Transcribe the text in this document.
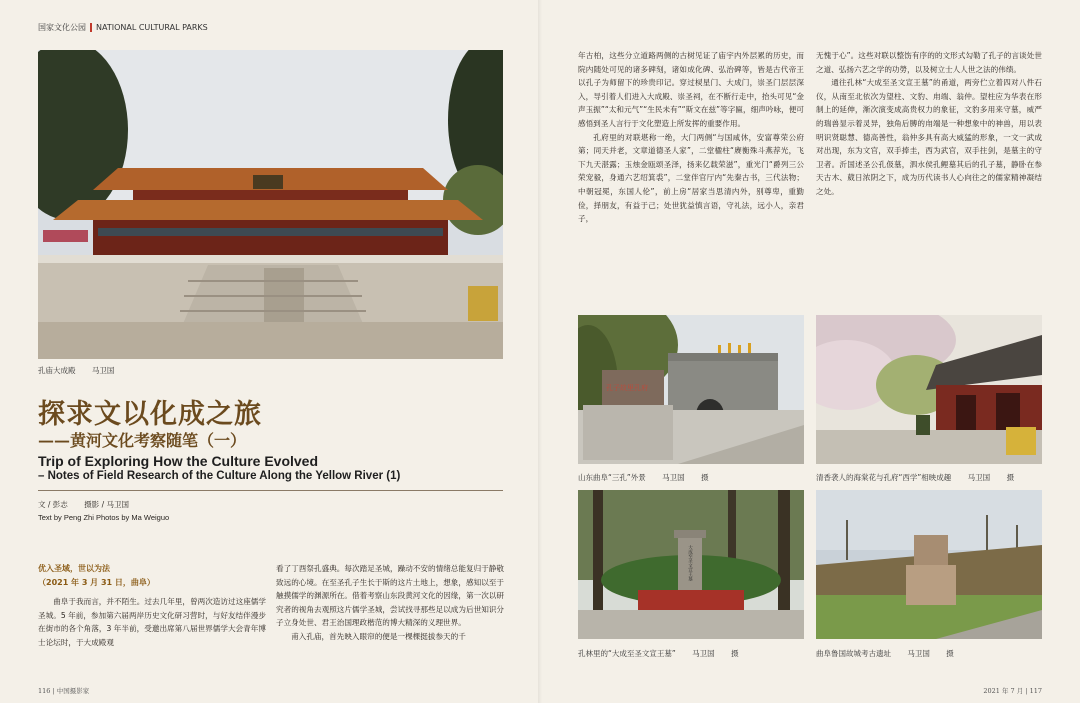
国家文化公园 NATIONAL CULTURAL PARKS
孔庙大成殿 马卫国
探求文以化成之旅
——黄河文化考察随笔（一）
Trip of Exploring How the Culture Evolved
– Notes of Field Research of the Culture Along the Yellow River (1)
文 / 彭志 摄影 / 马卫国
Text by Peng Zhi Photos by Ma Weiguo
优入圣域，世以为法
（2021 年 3 月 31 日，曲阜）

曲阜于我而言，并不陌生。过去几年里，曾两次造访过这座儒学圣城。5 年前，参加第六届两岸历史文化研习营时，与好友结伴漫步在街市的各个角落，3 年半前，受邀出席第八届世界儒学大会青年博士论坛时，于大成殿观

看了丁酉祭孔盛典。每次踏足圣城，躁动不安的情绪总能复归于静敬致远的心境。在至圣孔子生长于斯的这片土地上，想象，感知以至于触摸儒学的渊源所在。借着考察山东段黄河文化的因缘，第一次以研究者的视角去观照这片儒学圣城，尝试找寻那些足以成为后世知识分子立身处世、君王治国理政楷范的博大精深的义理世界。

甫入孔庙，首先映入眼帘的便是一棵棵挺拔参天的千

年古柏，这些分立道路两侧的古树见证了庙宇内外层累的历史，而院内随处可见的诸多碑刻，诸如成化碑、弘治碑等，皆是古代帝王以孔子为师留下的珍贵印记。穿过棂星门、大成门，崇圣门层层深入，导引着人们进入大成殿、崇圣祠，在不断行走中，抬头可见“金声玉振”“太和元气”“生民未有”“斯文在兹”等字匾，细声吟咏，便可感悟到圣人言行于文化塑造上所发挥的重要作用。

孔府里的对联堪称一绝，大门两侧“与国咸休，安富尊荣公府第；同天并老，文章道德圣人家”，二堂楹柱“赓衡殊斗燕荐光，飞下九天湛露；玉烛金瓯颂圣泽，扬来亿载荣滋”，重光门“爵列三公荣宠毅，身通六艺绍箕裘”，二堂伴官厅内“先秦古书，三代法物；中朝冠冕，东国人伦”，前上房“居家当思清内外，别尊卑，重勤俭，择朋友，有益于己；处世犹益慎言语，守礼法，远小人，亲君子，

无愧于心”。这些对联以整饬有序的的文形式勾勒了孔子的言谈处世之道、弘扬六艺之学的功勞，以及树立士人人世之法的伟绩。

通往孔林“大成至圣文宣王墓”的甬道，两旁伫立着四对八件石仪，从南至北依次为望柱、文豹、甪端、翁仲。望柱应为华表在形制上的延伸，渐次演变成高贵权力的象征，文豹多用来守墓，威严的瑞兽显示着灵异，独角后膊的甪端是一种想象中的神兽，用以表明识贤聪慧、德高善性，翁仲多具有高大威猛的形象，一文一武成对出现，东为文官，双手捧圭，西为武官，双手拄剑，是墓主的守卫者。沂国述圣公孔伋墓，泗水侯孔鲤墓其后的孔子墓，静卧在参天古木、葳日浓阴之下，成为历代读书人心向往之的儒家精神凝结之处。

孔子故里孔府
山东曲阜“三孔”外景 马卫国 摄	清香袭人的海棠花与孔府“西学”相映成趣 马卫国 摄
大成至圣文宣王墓
孔林里的“大成至圣文宣王墓” 马卫国 摄	曲阜鲁国故城考古遗址 马卫国 摄
116 | 中国摄影家	2021 年 7 月 | 117
